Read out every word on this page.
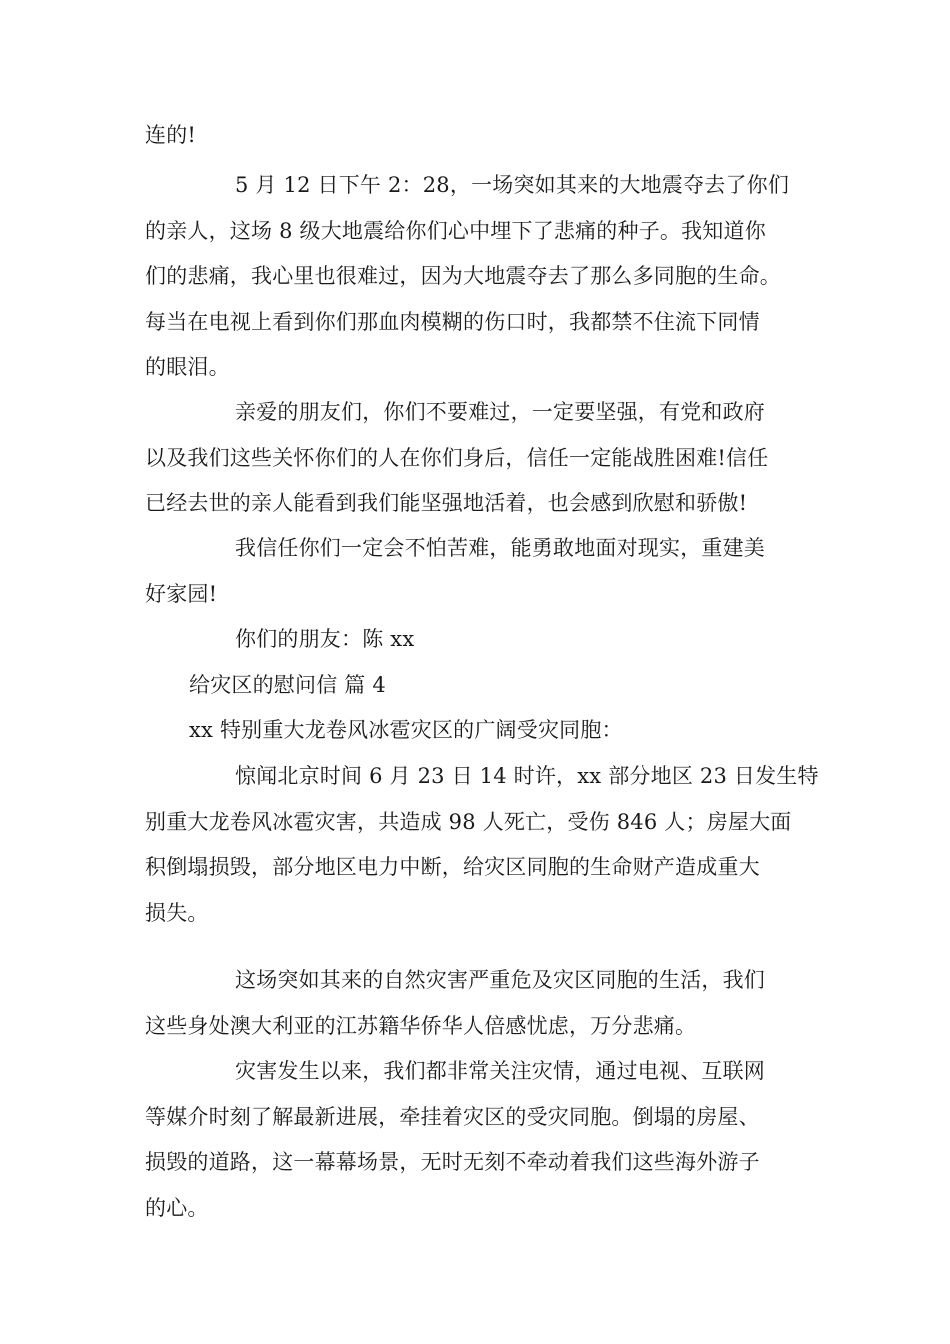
连的!

5 月 12 日下午 2：28，一场突如其来的大地震夺去了你们
的亲人，这场 8 级大地震给你们心中埋下了悲痛的种子。我知道你
们的悲痛，我心里也很难过，因为大地震夺去了那么多同胞的生命。
每当在电视上看到你们那血肉模糊的伤口时，我都禁不住流下同情
的眼泪。

亲爱的朋友们，你们不要难过，一定要坚强，有党和政府
以及我们这些关怀你们的人在你们身后，信任一定能战胜困难!信任
已经去世的亲人能看到我们能坚强地活着，也会感到欣慰和骄傲!

我信任你们一定会不怕苦难，能勇敢地面对现实，重建美
好家园!

你们的朋友：陈 xx

给灾区的慰问信 篇 4

xx 特别重大龙卷风冰雹灾区的广阔受灾同胞：

惊闻北京时间 6 月 23 日 14 时许，xx 部分地区 23 日发生特
别重大龙卷风冰雹灾害，共造成 98 人死亡，受伤 846 人；房屋大面
积倒塌损毁，部分地区电力中断，给灾区同胞的生命财产造成重大
损失。

这场突如其来的自然灾害严重危及灾区同胞的生活，我们
这些身处澳大利亚的江苏籍华侨华人倍感忧虑，万分悲痛。

灾害发生以来，我们都非常关注灾情，通过电视、互联网
等媒介时刻了解最新进展，牵挂着灾区的受灾同胞。倒塌的房屋、
损毁的道路，这一幕幕场景，无时无刻不牵动着我们这些海外游子
的心。
